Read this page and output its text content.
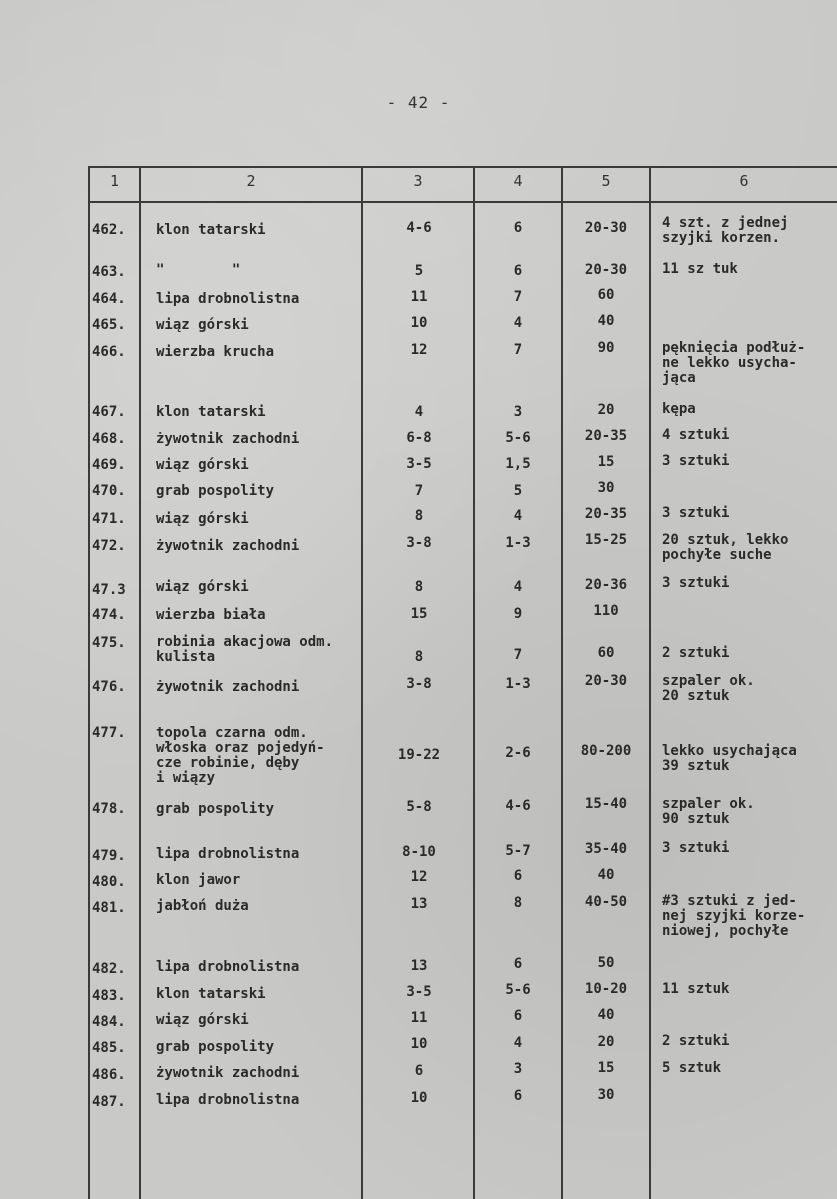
- 42 -
1	2	3	4	5	6
462.	klon tatarski	4-6	6	20-30	4 szt. z jednej
szyjki korzen.
463.	"        "	5	6	20-30	11 sz tuk
464.	lipa drobnolistna	11	7	60
465.	wiąz górski	10	4	40
466.	wierzba krucha	12	7	90	pęknięcia podłuż-
ne lekko usycha-
jąca
467.	klon tatarski	4	3	20	kępa
468.	żywotnik zachodni	6-8	5-6	20-35	4 sztuki
469.	wiąz górski	3-5	1,5	15	3 sztuki
470.	grab pospolity	7	5	30
471.	wiąz górski	8	4	20-35	3 sztuki
472.	żywotnik zachodni	3-8	1-3	15-25	20 sztuk, lekko
pochyłe suche
47.3	wiąz górski	8	4	20-36	3 sztuki
474.	wierzba biała	15	9	110
475.	robinia akacjowa odm.
kulista	8	7	60	2 sztuki
476.	żywotnik zachodni	3-8	1-3	20-30	szpaler ok.
20 sztuk
477.	topola czarna odm.
włoska oraz pojedyń-
cze robinie, dęby
i wiązy
19-22	2-6	80-200	lekko usychająca
39 sztuk
478.	grab pospolity	5-8	4-6	15-40	szpaler ok.
90 sztuk
479.	lipa drobnolistna	8-10	5-7	35-40	3 sztuki
480.	klon jawor	12	6	40
481.	jabłoń duża	13	8	40-50	#3 sztuki z jed-
nej szyjki korze-
niowej, pochyłe
482.	lipa drobnolistna	13	6	50
483.	klon tatarski	3-5	5-6	10-20	11 sztuk
484.	wiąz górski	11	6	40
485.	grab pospolity	10	4	20	2 sztuki
486.	żywotnik zachodni	6	3	15	5 sztuk
487.	lipa drobnolistna	10	6	30
